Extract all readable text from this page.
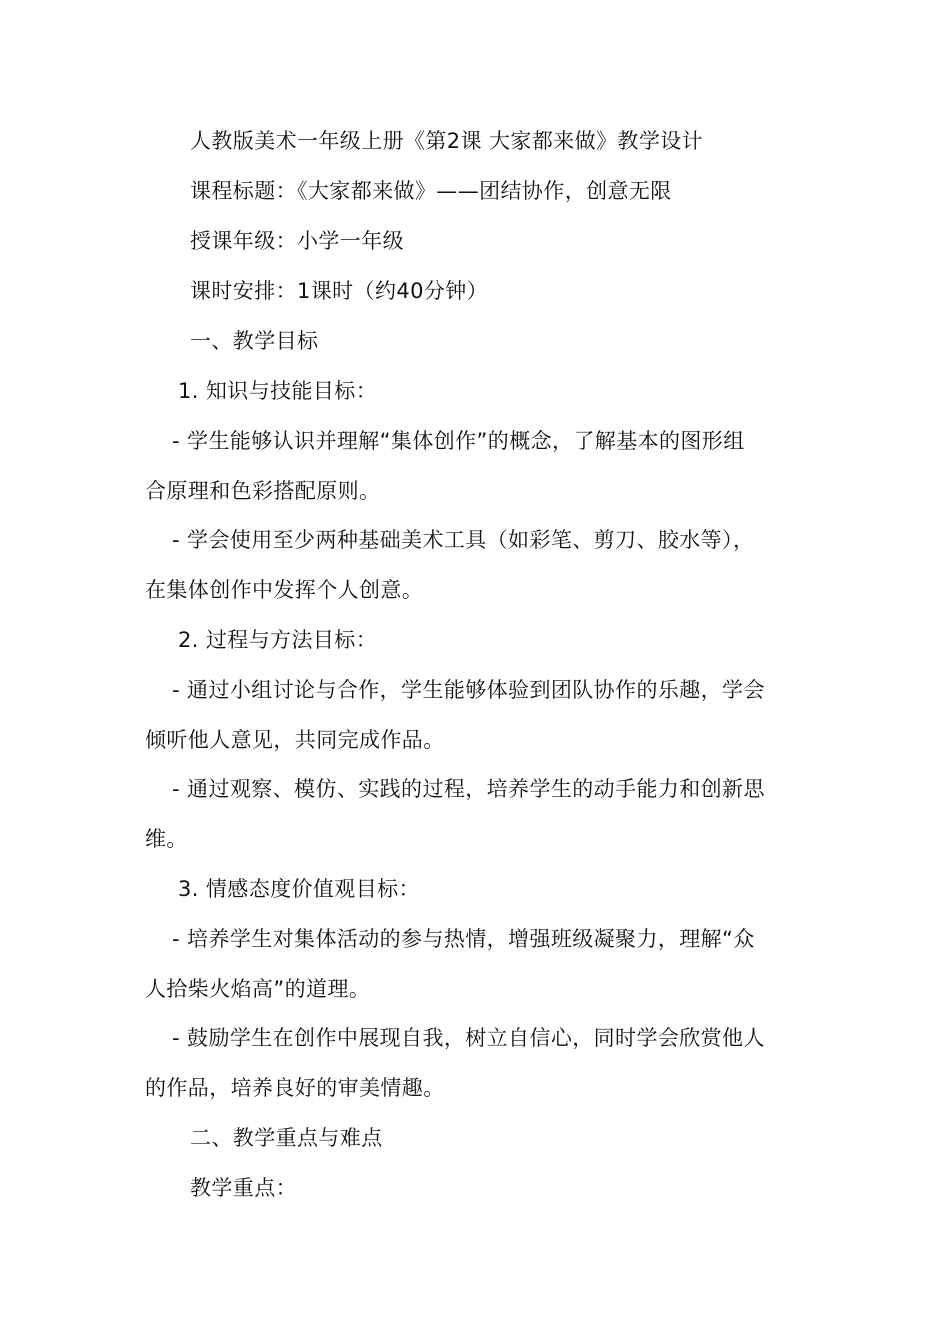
人教版美术一年级上册《第2课 大家都来做》教学设计
课程标题：《大家都来做》——团结协作，创意无限
授课年级：小学一年级
课时安排：1课时（约40分钟）
一、教学目标
1. 知识与技能目标：
- 学生能够认识并理解“集体创作”的概念，了解基本的图形组
合原理和色彩搭配原则。
- 学会使用至少两种基础美术工具（如彩笔、剪刀、胶水等），
在集体创作中发挥个人创意。
2. 过程与方法目标：
- 通过小组讨论与合作，学生能够体验到团队协作的乐趣，学会
倾听他人意见，共同完成作品。
- 通过观察、模仿、实践的过程，培养学生的动手能力和创新思
维。
3. 情感态度价值观目标：
- 培养学生对集体活动的参与热情，增强班级凝聚力，理解“众
人拾柴火焰高”的道理。
- 鼓励学生在创作中展现自我，树立自信心，同时学会欣赏他人
的作品，培养良好的审美情趣。
二、教学重点与难点
教学重点：
